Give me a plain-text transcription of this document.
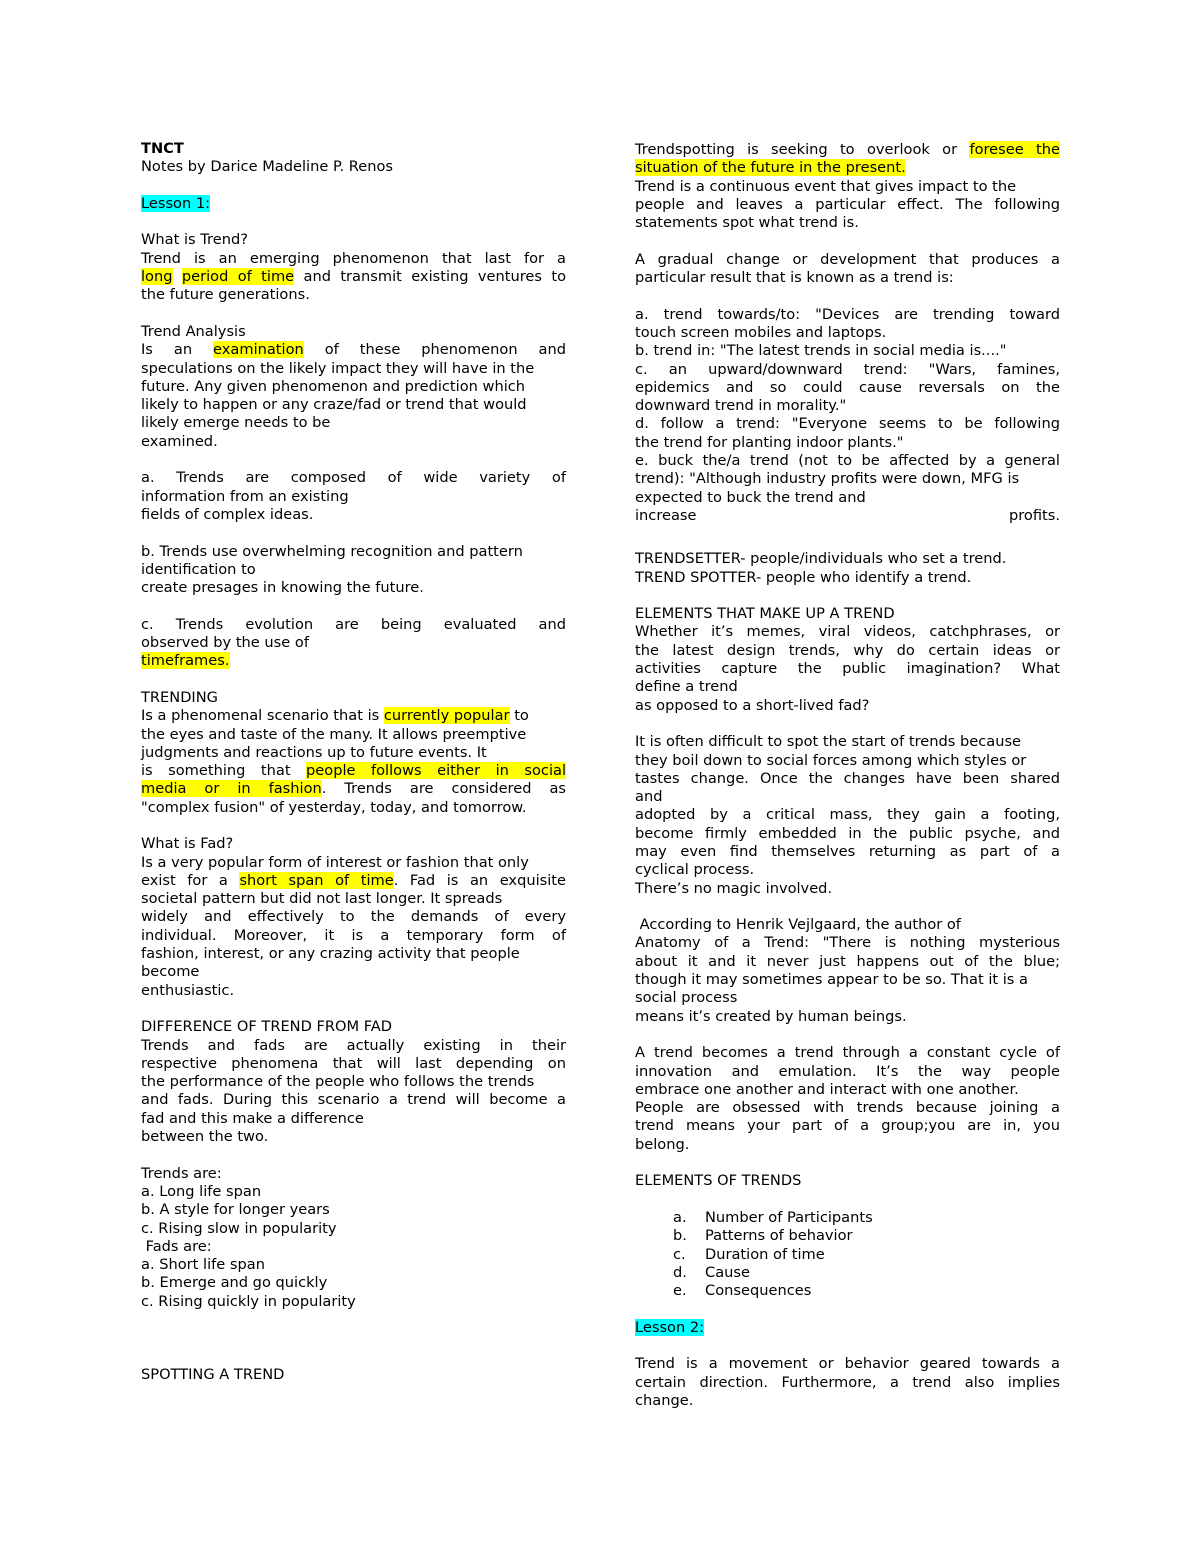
TNCT
Notes by Darice Madeline P. Renos
Lesson 1:
What is Trend?
Trend is an emerging phenomenon that last for a
long period of time and transmit existing ventures to
the future generations.
Trend Analysis
Is an examination of these phenomenon and
speculations on the likely impact they will have in the
future. Any given phenomenon and prediction which
likely to happen or any craze/fad or trend that would
likely emerge needs to be
examined.
a. Trends are composed of wide variety of
information from an existing
fields of complex ideas.
b. Trends use overwhelming recognition and pattern
identification to
create presages in knowing the future.
c. Trends evolution are being evaluated and
observed by the use of
timeframes.
TRENDING
Is a phenomenal scenario that is currently popular to
the eyes and taste of the many. It allows preemptive
judgments and reactions up to future events. It
is something that people follows either in social
media or in fashion. Trends are considered as
"complex fusion" of yesterday, today, and tomorrow.
What is Fad?
Is a very popular form of interest or fashion that only
exist for a short span of time. Fad is an exquisite
societal pattern but did not last longer. It spreads
widely and effectively to the demands of every
individual. Moreover, it is a temporary form of
fashion, interest, or any crazing activity that people
become
enthusiastic.
DIFFERENCE OF TREND FROM FAD
Trends and fads are actually existing in their
respective phenomena that will last depending on
the performance of the people who follows the trends
and fads. During this scenario a trend will become a
fad and this make a difference
between the two.
Trends are:
a. Long life span
b. A style for longer years
c. Rising slow in popularity
Fads are:
a. Short life span
b. Emerge and go quickly
c. Rising quickly in popularity
SPOTTING A TREND
Trendspotting is seeking to overlook or foresee the
situation of the future in the present.
Trend is a continuous event that gives impact to the
people and leaves a particular effect. The following
statements spot what trend is.
A gradual change or development that produces a
particular result that is known as a trend is:
a. trend towards/to: "Devices are trending toward
touch screen mobiles and laptops.
b. trend in: "The latest trends in social media is...."
c. an upward/downward trend: "Wars, famines,
epidemics and so could cause reversals on the
downward trend in morality."
d. follow a trend: "Everyone seems to be following
the trend for planting indoor plants."
e. buck the/a trend (not to be affected by a general
trend): "Although industry profits were down, MFG is
expected to buck the trend and
increase	profits.
TRENDSETTER- people/individuals who set a trend.
TREND SPOTTER- people who identify a trend.
ELEMENTS THAT MAKE UP A TREND
Whether it’s memes, viral videos, catchphrases, or
the latest design trends, why do certain ideas or
activities capture the public imagination? What
define a trend
as opposed to a short-lived fad?
It is often difficult to spot the start of trends because
they boil down to social forces among which styles or
tastes change. Once the changes have been shared
and
adopted by a critical mass, they gain a footing,
become firmly embedded in the public psyche, and
may even find themselves returning as part of a
cyclical process.
There’s no magic involved.
According to Henrik Vejlgaard, the author of
Anatomy of a Trend: "There is nothing mysterious
about it and it never just happens out of the blue;
though it may sometimes appear to be so. That it is a
social process
means it’s created by human beings.
A trend becomes a trend through a constant cycle of
innovation and emulation. It’s the way people
embrace one another and interact with one another.
People are obsessed with trends because joining a
trend means your part of a group;you are in, you
belong.
ELEMENTS OF TRENDS
a. Number of Participants
b. Patterns of behavior
c. Duration of time
d. Cause
e. Consequences
Lesson 2:
Trend is a movement or behavior geared towards a
certain direction. Furthermore, a trend also implies
change.
